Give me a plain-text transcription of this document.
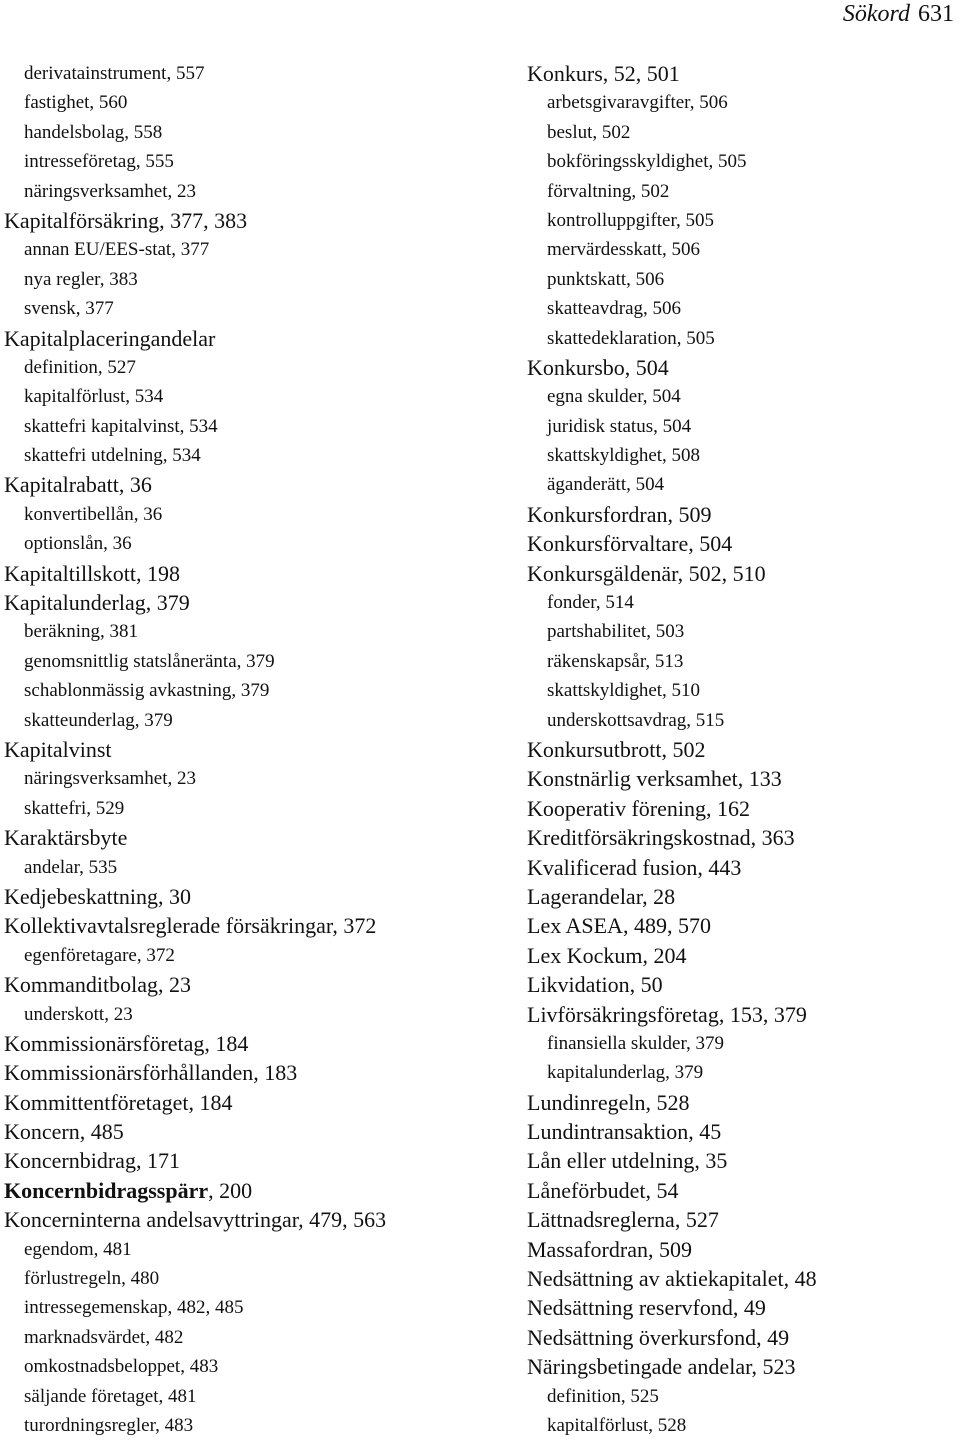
Sökord 631
derivatainstrument, 557
fastighet, 560
handelsbolag, 558
intresseföretag, 555
näringsverksamhet, 23
Kapitalförsäkring, 377, 383
annan EU/EES-stat, 377
nya regler, 383
svensk, 377
Kapitalplaceringandelar
definition, 527
kapitalförlust, 534
skattefri kapitalvinst, 534
skattefri utdelning, 534
Kapitalrabatt, 36
konvertibellån, 36
optionslån, 36
Kapitaltillskott, 198
Kapitalunderlag, 379
beräkning, 381
genomsnittlig statslåneränta, 379
schablonmässig avkastning, 379
skatteunderlag, 379
Kapitalvinst
näringsverksamhet, 23
skattefri, 529
Karaktärsbyte
andelar, 535
Kedjebeskattning, 30
Kollektivavtalsreglerade försäkringar, 372
egenföretagare, 372
Kommanditbolag, 23
underskott, 23
Kommissionärsföretag, 184
Kommissionärsförhållanden, 183
Kommittentföretaget, 184
Koncern, 485
Koncernbidrag, 171
Koncernbidragsspärr, 200
Koncerninterna andelsavyttringar, 479, 563
egendom, 481
förlustregeln, 480
intressegemenskap, 482, 485
marknadsvärdet, 482
omkostnadsbeloppet, 483
säljande företaget, 481
turordningsregler, 483
Konkurs, 52, 501
arbetsgivaravgifter, 506
beslut, 502
bokföringsskyldighet, 505
förvaltning, 502
kontrolluppgifter, 505
mervärdesskatt, 506
punktskatt, 506
skatteavdrag, 506
skattedeklaration, 505
Konkursbo, 504
egna skulder, 504
juridisk status, 504
skattskyldighet, 508
äganderätt, 504
Konkursfordran, 509
Konkursförvaltare, 504
Konkursgäldenär, 502, 510
fonder, 514
partshabilitet, 503
räkenskapsår, 513
skattskyldighet, 510
underskottsavdrag, 515
Konkursutbrott, 502
Konstnärlig verksamhet, 133
Kooperativ förening, 162
Kreditförsäkringskostnad, 363
Kvalificerad fusion, 443
Lagerandelar, 28
Lex ASEA, 489, 570
Lex Kockum, 204
Likvidation, 50
Livförsäkringsföretag, 153, 379
finansiella skulder, 379
kapitalunderlag, 379
Lundinregeln, 528
Lundintransaktion, 45
Lån eller utdelning, 35
Låneförbudet, 54
Lättnadsreglerna, 527
Massafordran, 509
Nedsättning av aktiekapitalet, 48
Nedsättning reservfond, 49
Nedsättning överkursfond, 49
Näringsbetingade andelar, 523
definition, 525
kapitalförlust, 528
